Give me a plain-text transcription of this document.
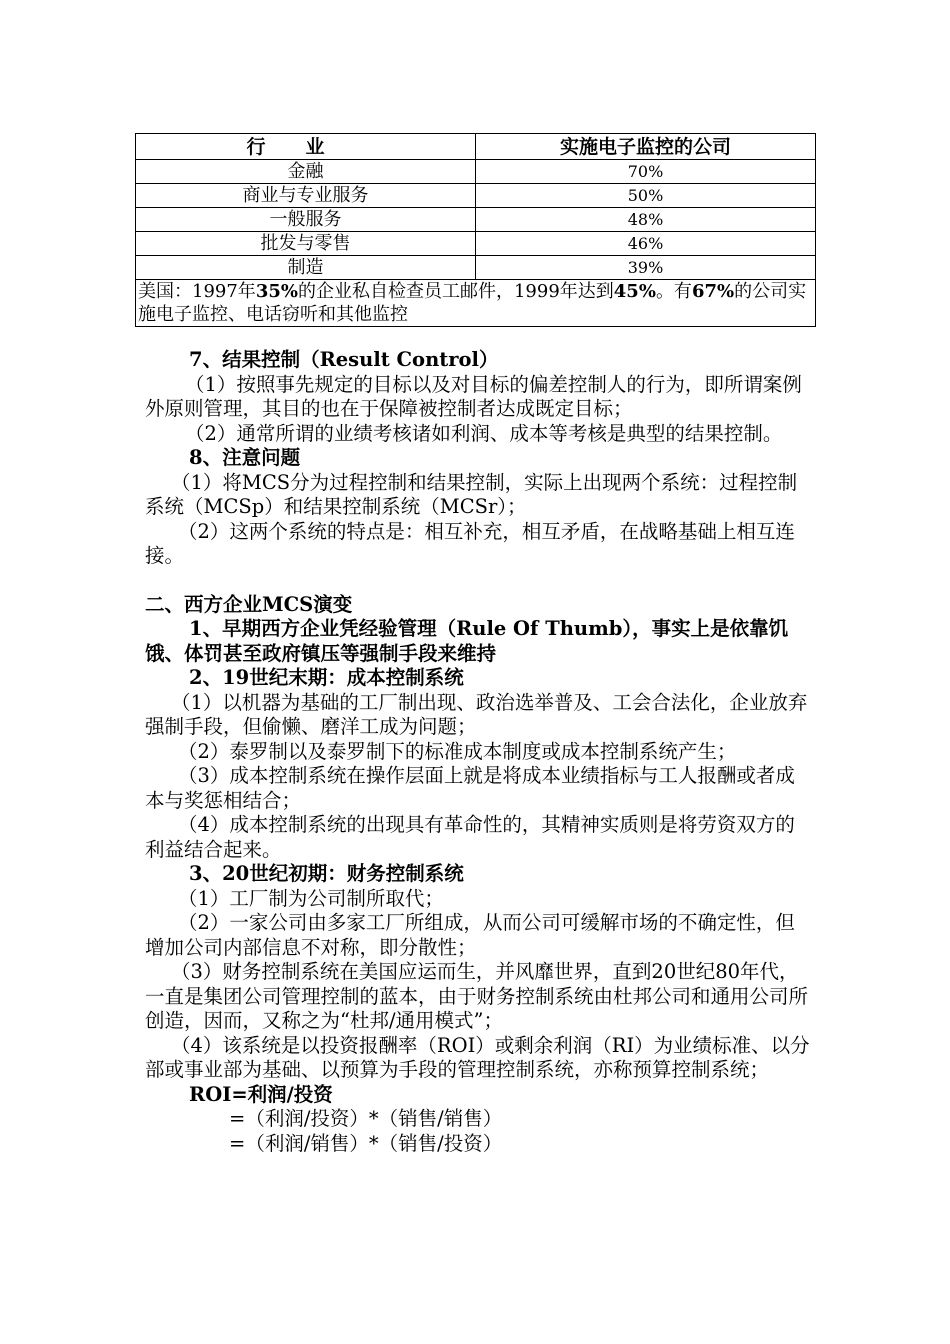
行业	实施电子监控的公司
金融	70%
商业与专业服务	50%
一般服务	48%
批发与零售	46%
制造	39%
美国：1997年35%的企业私自检查员工邮件，1999年达到45%。有67%的公司实施电子监控、电话窃听和其他监控	

7、结果控制（Result Control）

（1）按照事先规定的目标以及对目标的偏差控制人的行为，即所谓案例外原则管理，其目的也在于保障被控制者达成既定目标；

（2）通常所谓的业绩考核诸如利润、成本等考核是典型的结果控制。

8、注意问题

（1）将MCS分为过程控制和结果控制，实际上出现两个系统：过程控制系统（MCSp）和结果控制系统（MCSr）；

（2）这两个系统的特点是：相互补充，相互矛盾，在战略基础上相互连接。

二、西方企业MCS演变

1、早期西方企业凭经验管理（Rule Of Thumb），事实上是依靠饥饿、体罚甚至政府镇压等强制手段来维持

2、19世纪末期：成本控制系统

（1）以机器为基础的工厂制出现、政治选举普及、工会合法化，企业放弃强制手段，但偷懒、磨洋工成为问题；

（2）泰罗制以及泰罗制下的标准成本制度或成本控制系统产生；

（3）成本控制系统在操作层面上就是将成本业绩指标与工人报酬或者成本与奖惩相结合；

（4）成本控制系统的出现具有革命性的，其精神实质则是将劳资双方的利益结合起来。

3、20世纪初期：财务控制系统

（1）工厂制为公司制所取代；

（2）一家公司由多家工厂所组成，从而公司可缓解市场的不确定性，但增加公司内部信息不对称，即分散性；

（3）财务控制系统在美国应运而生，并风靡世界，直到20世纪80年代，一直是集团公司管理控制的蓝本，由于财务控制系统由杜邦公司和通用公司所创造，因而，又称之为“杜邦/通用模式”；

（4）该系统是以投资报酬率（ROI）或剩余利润（RI）为业绩标准、以分部或事业部为基础、以预算为手段的管理控制系统，亦称预算控制系统；

ROI=利润/投资

=（利润/投资）*（销售/销售）

=（利润/销售）*（销售/投资）
